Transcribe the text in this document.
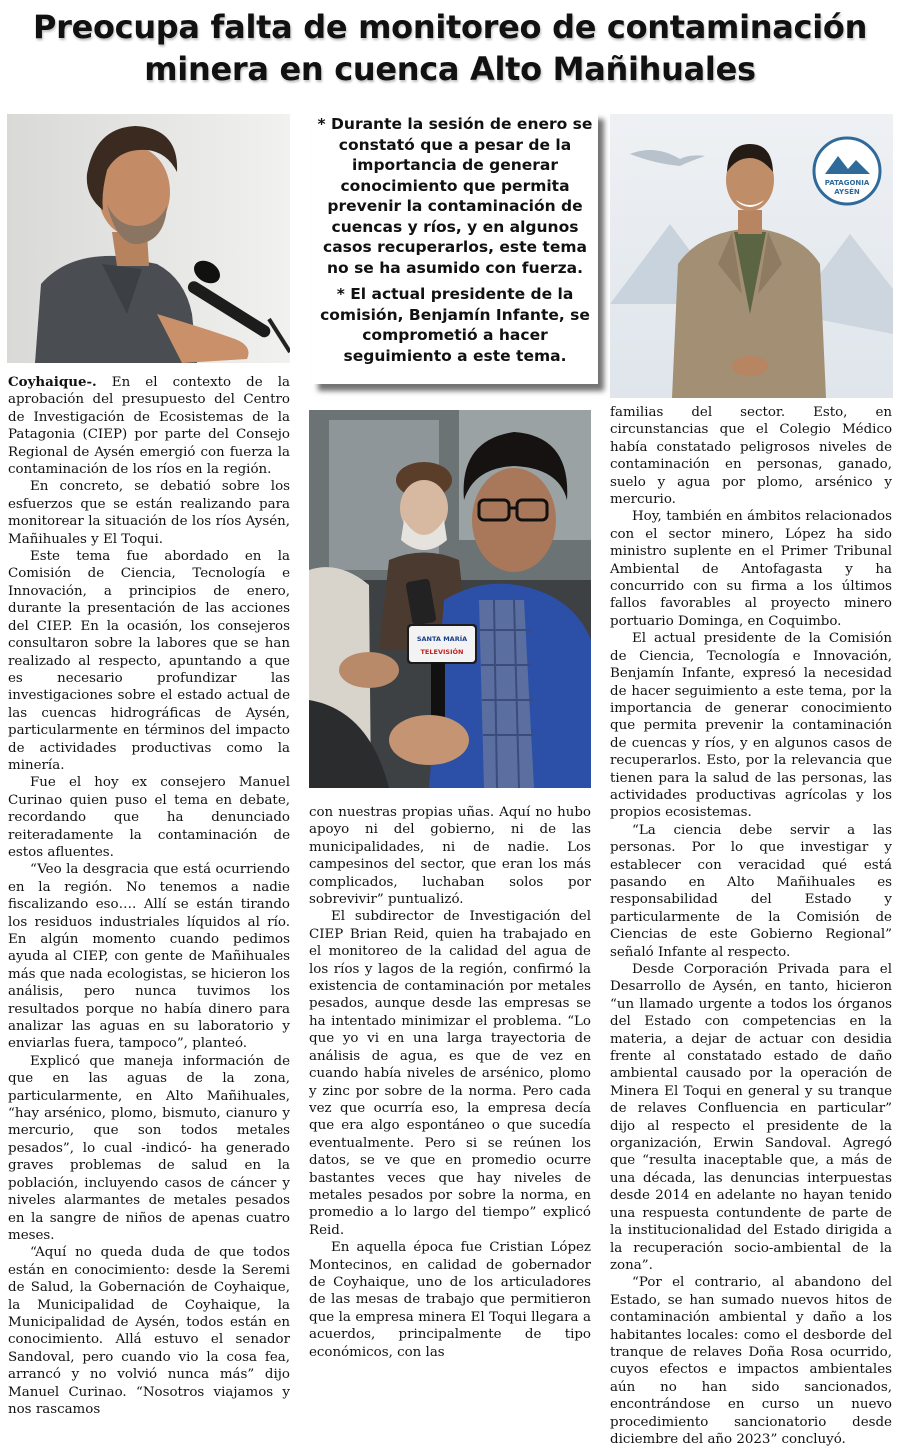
Preocupa falta de monitoreo de contaminación
minera en cuenca Alto Mañihuales

* Durante la sesión de enero se constató que a pesar de la importancia de generar conocimiento que permita prevenir la contaminación de cuencas y ríos, y en algunos casos recuperarlos, este tema no se ha asumido con fuerza.

* El actual presidente de la comisión, Benjamín Infante, se comprometió a hacer seguimiento a este tema.

PATAGONIA
AYSÉN
SANTA MARÍA
TELEVISIÓN

Coyhaique-. En el contexto de la aprobación del presupuesto del Centro de Investigación de Ecosistemas de la Patagonia (CIEP) por parte del Consejo Regional de Aysén emergió con fuerza la contaminación de los ríos en la región.

En concreto, se debatió sobre los esfuerzos que se están realizando para monitorear la situación de los ríos Aysén, Mañihuales y El Toqui.

Este tema fue abordado en la Comisión de Ciencia, Tecnología e Innovación, a principios de enero, durante la presentación de las acciones del CIEP. En la ocasión, los consejeros consultaron sobre la labores que se han realizado al respecto, apuntando a que es necesario profundizar las investigaciones sobre el estado actual de las cuencas hidrográficas de Aysén, particularmente en términos del impacto de actividades productivas como la minería.

Fue el hoy ex consejero Manuel Curinao quien puso el tema en debate, recordando que ha denunciado reiteradamente la contaminación de estos afluentes.

“Veo la desgracia que está ocurriendo en la región. No tenemos a nadie fiscalizando eso…. Allí se están tirando los residuos industriales líquidos al río. En algún momento cuando pedimos ayuda al CIEP, con gente de Mañihuales más que nada ecologistas, se hicieron los análisis, pero nunca tuvimos los resultados porque no había dinero para analizar las aguas en su laboratorio y enviarlas fuera, tampoco”, planteó.

Explicó que maneja información de que en las aguas de la zona, particularmente, en Alto Mañihuales, “hay arsénico, plomo, bismuto, cianuro y mercurio, que son todos metales pesados”, lo cual -indicó- ha generado graves problemas de salud en la población, incluyendo casos de cáncer y niveles alarmantes de metales pesados en la sangre de niños de apenas cuatro meses.

“Aquí no queda duda de que todos están en conocimiento: desde la Seremi de Salud, la Gobernación de Coyhaique, la Municipalidad de Coyhaique, la Municipalidad de Aysén, todos están en conocimiento. Allá estuvo el senador Sandoval, pero cuando vio la cosa fea, arrancó y no volvió nunca más” dijo Manuel Curinao. “Nosotros viajamos y nos rascamos

con nuestras propias uñas. Aquí no hubo apoyo ni del gobierno, ni de las municipalidades, ni de nadie. Los campesinos del sector, que eran los más complicados, luchaban solos por sobrevivir” puntualizó.

El subdirector de Investigación del CIEP Brian Reid, quien ha trabajado en el monitoreo de la calidad del agua de los ríos y lagos de la región, confirmó la existencia de contaminación por metales pesados, aunque desde las empresas se ha intentado minimizar el problema. “Lo que yo vi en una larga trayectoria de análisis de agua, es que de vez en cuando había niveles de arsénico, plomo y zinc por sobre de la norma. Pero cada vez que ocurría eso, la empresa decía que era algo espontáneo o que sucedía eventualmente. Pero si se reúnen los datos, se ve que en promedio ocurre bastantes veces que hay niveles de metales pesados por sobre la norma, en promedio a lo largo del tiempo” explicó Reid.

En aquella época fue Cristian López Montecinos, en calidad de gobernador de Coyhaique, uno de los articuladores de las mesas de trabajo que permitieron que la empresa minera El Toqui llegara a acuerdos, principalmente de tipo económicos, con las

familias del sector. Esto, en circunstancias que el Colegio Médico había constatado peligrosos niveles de contaminación en personas, ganado, suelo y agua por plomo, arsénico y mercurio.

Hoy, también en ámbitos relacionados con el sector minero, López ha sido ministro suplente en el Primer Tribunal Ambiental de Antofagasta y ha concurrido con su firma a los últimos fallos favorables al proyecto minero portuario Dominga, en Coquimbo.

El actual presidente de la Comisión de Ciencia, Tecnología e Innovación, Benjamín Infante, expresó la necesidad de hacer seguimiento a este tema, por la importancia de generar conocimiento que permita prevenir la contaminación de cuencas y ríos, y en algunos casos de recuperarlos. Esto, por la relevancia que tienen para la salud de las personas, las actividades productivas agrícolas y los propios ecosistemas.

“La ciencia debe servir a las personas. Por lo que investigar y establecer con veracidad qué está pasando en Alto Mañihuales es responsabilidad del Estado y particularmente de la Comisión de Ciencias de este Gobierno Regional” señaló Infante al respecto.

Desde Corporación Privada para el Desarrollo de Aysén, en tanto, hicieron “un llamado urgente a todos los órganos del Estado con competencias en la materia, a dejar de actuar con desidia frente al constatado estado de daño ambiental causado por la operación de Minera El Toqui en general y su tranque de relaves Confluencia en particular” dijo al respecto el presidente de la organización, Erwin Sandoval. Agregó que “resulta inaceptable que, a más de una década, las denuncias interpuestas desde 2014 en adelante no hayan tenido una respuesta contundente de parte de la institucionalidad del Estado dirigida a la recuperación socio-ambiental de la zona”.

“Por el contrario, al abandono del Estado, se han sumado nuevos hitos de contaminación ambiental y daño a los habitantes locales: como el desborde del tranque de relaves Doña Rosa ocurrido, cuyos efectos e impactos ambientales aún no han sido sancionados, encontrándose en curso un nuevo procedimiento sancionatorio desde diciembre del año 2023” concluyó.
